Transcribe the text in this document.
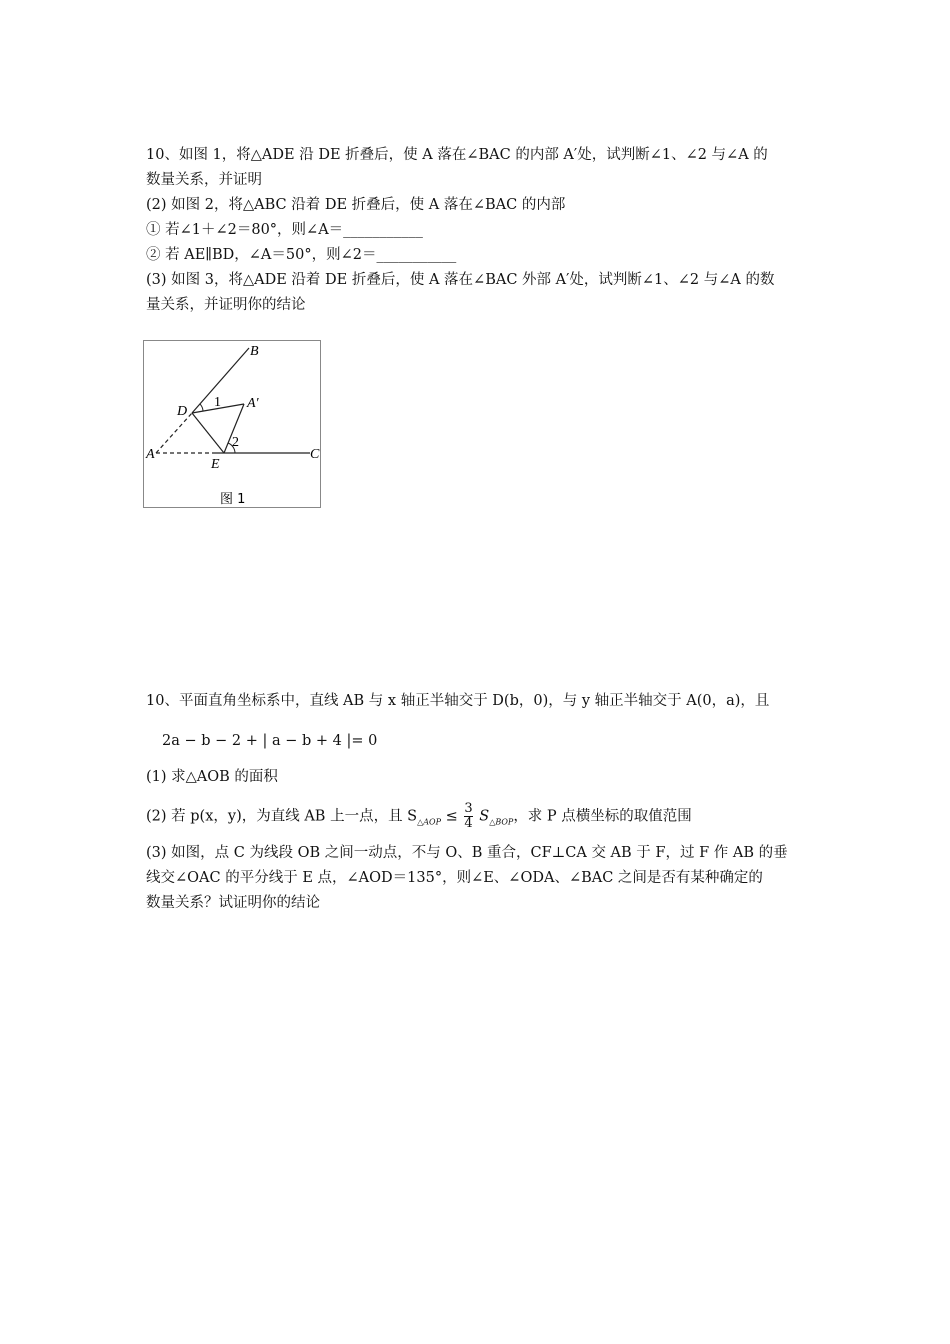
10、如图 1，将△ADE 沿 DE 折叠后，使 A 落在∠BAC 的内部 A′处，试判断∠1、∠2 与∠A 的
数量关系，并证明
(2) 如图 2，将△ABC 沿着 DE 折叠后，使 A 落在∠BAC 的内部
① 若∠1＋∠2＝80°，则∠A＝___________
② 若 AE∥BD，∠A＝50°，则∠2＝___________
(3) 如图 3，将△ADE 沿着 DE 折叠后，使 A 落在∠BAC 外部 A′处，试判断∠1、∠2 与∠A 的数
量关系，并证明你的结论
B
D
1 A′
2
A
E
C
图 1
10、平面直角坐标系中，直线 AB 与 x 轴正半轴交于 D(b，0)，与 y 轴正半轴交于 A(0，a)，且
2a − b − 2 + | a − b + 4 |= 0
(1) 求△AOB 的面积
(2) 若 p(x，y)，为直线 AB 上一点，且 $S_{\triangle AOP} \le \frac{3}{4} S_{\triangle BOP}$，求 P 点横坐标的取值范围
(3) 如图，点 C 为线段 OB 之间一动点，不与 O、B 重合，CF⊥CA 交 AB 于 F，过 F 作 AB 的垂
线交∠OAC 的平分线于 E 点，∠AOD＝135°，则∠E、∠ODA、∠BAC 之间是否有某种确定的
数量关系？试证明你的结论
